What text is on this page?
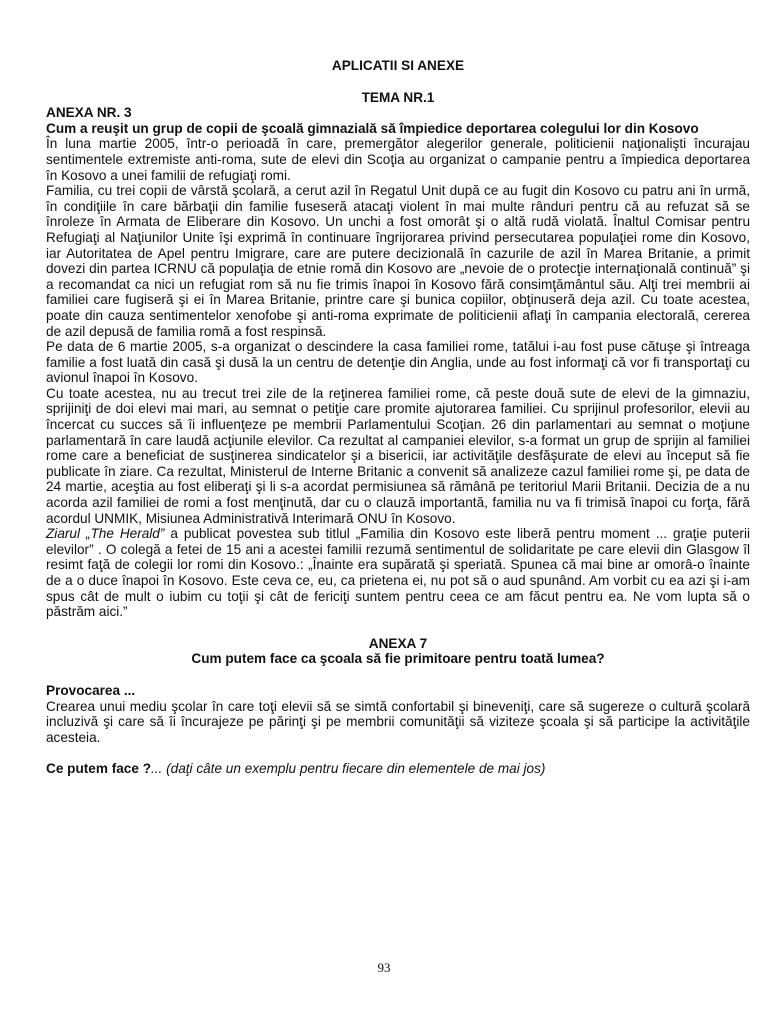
APLICATII SI ANEXE
TEMA NR.1
ANEXA NR. 3
Cum a reuşit un grup de copii de şcoală gimnazială să împiedice deportarea colegului lor din Kosovo

În luna martie 2005, într-o perioadă în care, premergător alegerilor generale, politicienii naţionalişti încurajau sentimentele extremiste anti-roma, sute de elevi din Scoţia au organizat o campanie pentru a împiedica deportarea în Kosovo a unei familii de refugiaţi romi.

Familia, cu trei copii de vârstă şcolară, a cerut azil în Regatul Unit după ce au fugit din Kosovo cu patru ani în urmă, în condiţiile în care bărbaţii din familie fuseseră atacaţi violent în mai multe rânduri pentru că au refuzat să se înroleze în Armata de Eliberare din Kosovo. Un unchi a fost omorât şi o altă rudă violată. Înaltul Comisar pentru Refugiaţi al Naţiunilor Unite îşi exprimă în continuare îngrijorarea privind persecutarea populaţiei rome din Kosovo, iar Autoritatea de Apel pentru Imigrare, care are putere decizională în cazurile de azil în Marea Britanie, a primit dovezi din partea ICRNU că populaţia de etnie romă din Kosovo are „nevoie de o protecţie internaţională continuă” şi a recomandat ca nici un refugiat rom să nu fie trimis înapoi în Kosovo fără consimţământul său. Alţi trei membrii ai familiei care fugiseră şi ei în Marea Britanie, printre care şi bunica copiilor, obţinuseră deja azil. Cu toate acestea, poate din cauza sentimentelor xenofobe şi anti-roma exprimate de politicienii aflaţi în campania electorală, cererea de azil depusă de familia romă a fost respinsă.

Pe data de 6 martie 2005, s-a organizat o descindere la casa familiei rome, tatălui i-au fost puse cătuşe şi întreaga familie a fost luată din casă şi dusă la un centru de detenţie din Anglia, unde au fost informaţi că vor fi transportaţi cu avionul înapoi în Kosovo.

Cu toate acestea, nu au trecut trei zile de la reţinerea familiei rome, că peste două sute de elevi de la gimnaziu, sprijiniţi de doi elevi mai mari, au semnat o petiţie care promite ajutorarea familiei. Cu sprijinul profesorilor, elevii au încercat cu succes să îi influenţeze pe membrii Parlamentului Scoţian. 26 din parlamentari au semnat o moţiune parlamentară în care laudă acţiunile elevilor. Ca rezultat al campaniei elevilor, s-a format un grup de sprijin al familiei rome care a beneficiat de susţinerea sindicatelor şi a bisericii, iar activităţile desfăşurate de elevi au început să fie publicate în ziare. Ca rezultat, Ministerul de Interne Britanic a convenit să analizeze cazul familiei rome şi, pe data de 24 martie, aceştia au fost eliberaţi şi li s-a acordat permisiunea să rămână pe teritoriul Marii Britanii. Decizia de a nu acorda azil familiei de romi a fost menţinută, dar cu o clauză importantă, familia nu va fi trimisă înapoi cu forţa, fără acordul UNMIK, Misiunea Administrativă Interimară ONU în Kosovo.

Ziarul „The Herald” a publicat povestea sub titlul „Familia din Kosovo este liberă pentru moment ... graţie puterii elevilor” . O colegă a fetei de 15 ani a acestei familii rezumă sentimentul de solidaritate pe care elevii din Glasgow îl resimt faţă de colegii lor romi din Kosovo.: „Înainte era supărată şi speriată. Spunea că mai bine ar omorâ-o înainte de a o duce înapoi în Kosovo. Este ceva ce, eu, ca prietena ei, nu pot să o aud spunând. Am vorbit cu ea azi şi i-am spus cât de mult o iubim cu toţii şi cât de fericiţi suntem pentru ceea ce am făcut pentru ea. Ne vom lupta să o păstrăm aici.”

ANEXA 7
Cum putem face ca şcoala să fie primitoare pentru toată lumea?
Provocarea ...

Crearea unui mediu şcolar în care toţi elevii să se simtă confortabil şi bineveniţi, care să sugereze o cultură şcolară incluzivă şi care să îi încurajeze pe părinţi şi pe membrii comunităţii să viziteze şcoala şi să participe la activităţile acesteia.

Ce putem face ?... (daţi câte un exemplu pentru fiecare din elementele de mai jos)
93
